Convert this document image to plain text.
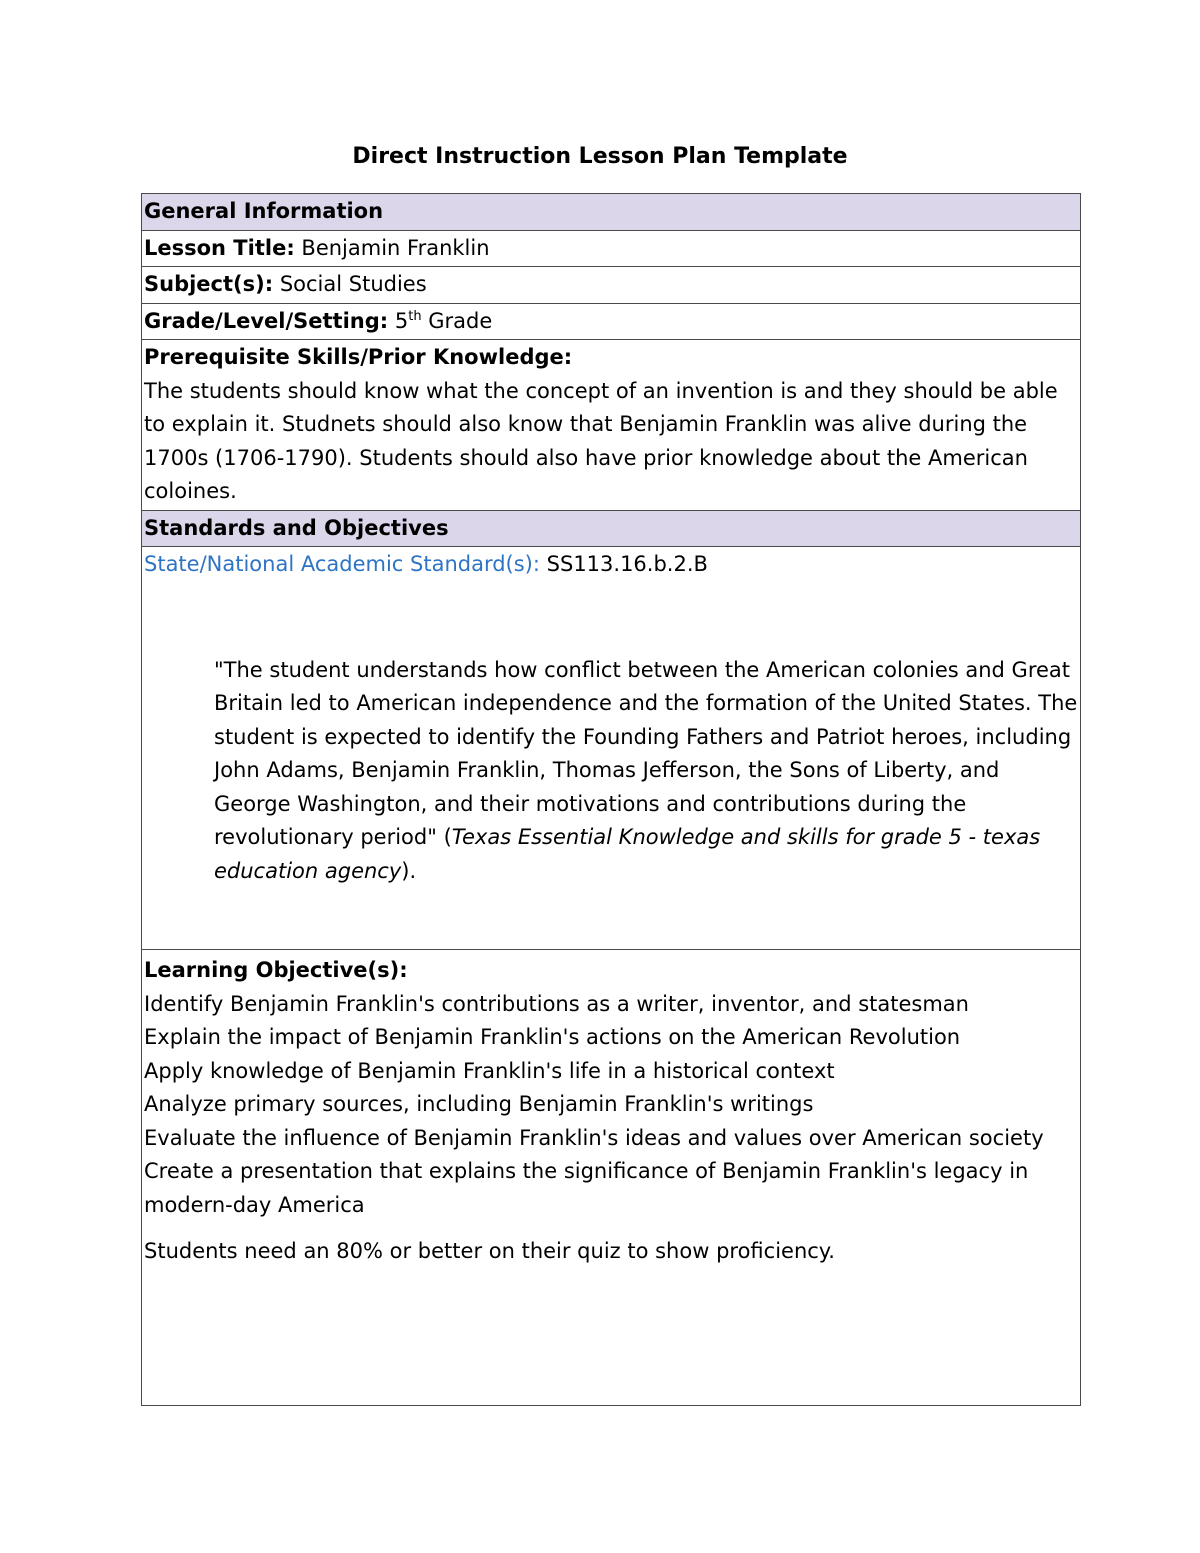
Direct Instruction Lesson Plan Template
General Information
Lesson Title: Benjamin Franklin
Subject(s): Social Studies
Grade/Level/Setting: 5th Grade

Prerequisite Skills/Prior Knowledge:
The students should know what the concept of an invention is and they should be able to explain it. Studnets should also know that Benjamin Franklin was alive during the 1700s (1706-1790). Students should also have prior knowledge about the American coloines.

Standards and Objectives
State/National Academic Standard(s): SS113.16.b.2.B
"The student understands how conflict between the American colonies and Great Britain led to American independence and the formation of the United States. The student is expected to identify the Founding Fathers and Patriot heroes, including John Adams, Benjamin Franklin, Thomas Jefferson, the Sons of Liberty, and George Washington, and their motivations and contributions during the revolutionary period" (Texas Essential Knowledge and skills for grade 5 - texas education agency).

Learning Objective(s):
Identify Benjamin Franklin's contributions as a writer, inventor, and statesman
Explain the impact of Benjamin Franklin's actions on the American Revolution
Apply knowledge of Benjamin Franklin's life in a historical context
Analyze primary sources, including Benjamin Franklin's writings
Evaluate the influence of Benjamin Franklin's ideas and values over American society
Create a presentation that explains the significance of Benjamin Franklin's legacy in modern-day America
Students need an 80% or better on their quiz to show proficiency.
